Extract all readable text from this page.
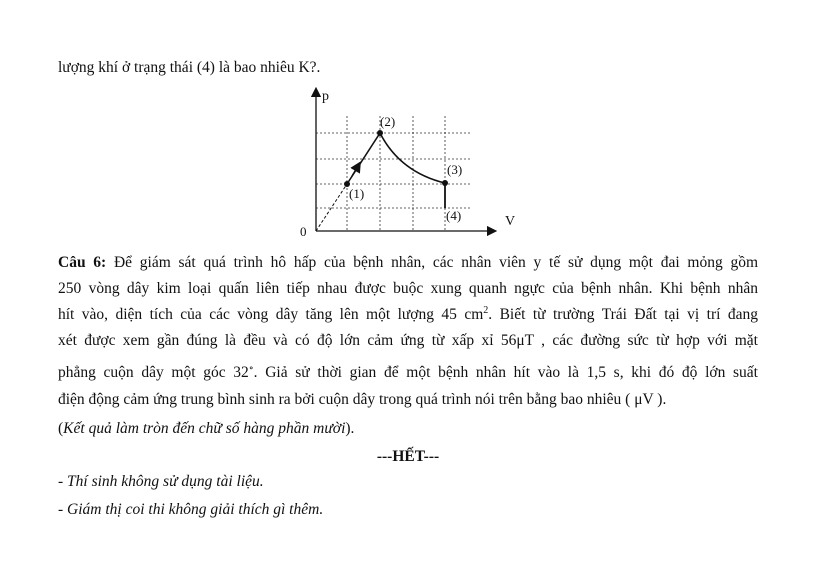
lượng khí ở trạng thái (4) là bao nhiêu K?.
p
V
0
(1)
(2)
(3)
(4)
Câu 6: Để giám sát quá trình hô hấp của bệnh nhân, các nhân viên y tế sử dụng một đai mỏng gồm
250 vòng dây kim loại quấn liên tiếp nhau được buộc xung quanh ngực của bệnh nhân. Khi bệnh nhân
hít vào, diện tích của các vòng dây tăng lên một lượng 45 $cm^2$. Biết từ trường Trái Đất tại vị trí đang
xét được xem gần đúng là đều và có độ lớn cảm ứng từ xấp xỉ 56μT , các đường sức từ hợp với mặt
phẳng cuộn dây một góc 32∘. Giả sử thời gian để một bệnh nhân hít vào là 1,5 s, khi đó độ lớn suất
điện động cảm ứng trung bình sinh ra bởi cuộn dây trong quá trình nói trên bằng bao nhiêu ( μV ).
(Kết quả làm tròn đến chữ số hàng phần mười).
---HẾT---
- Thí sinh không sử dụng tài liệu.
- Giám thị coi thi không giải thích gì thêm.
